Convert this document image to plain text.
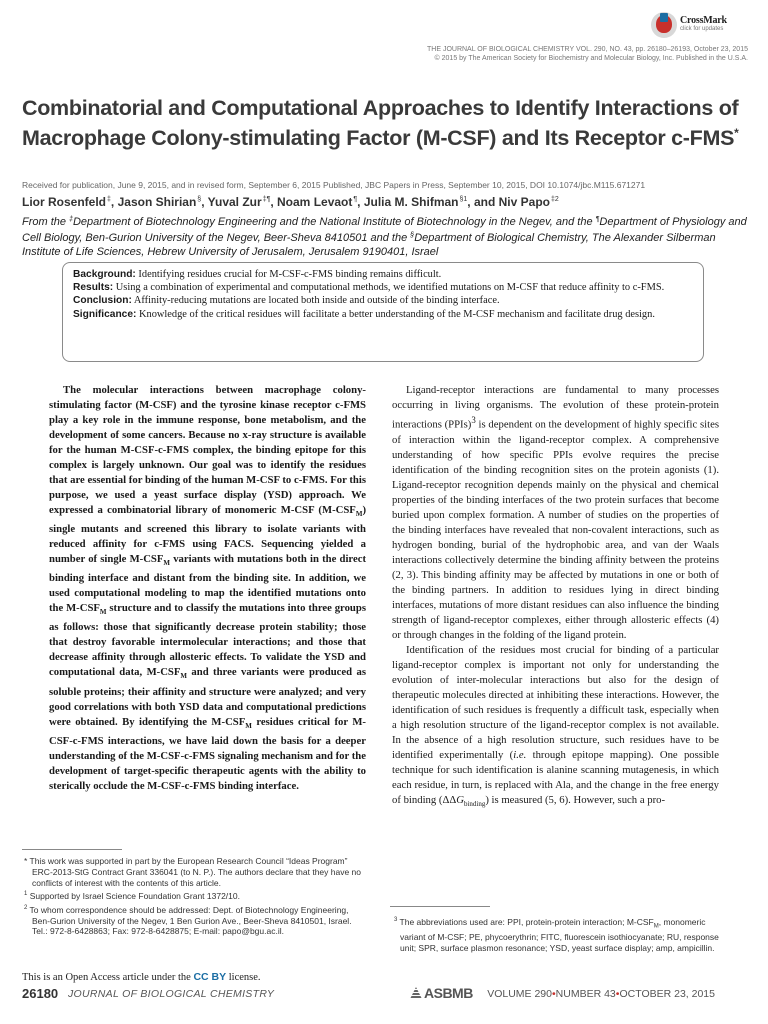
CrossMark
click for updates
THE JOURNAL OF BIOLOGICAL CHEMISTRY VOL. 290, NO. 43, pp. 26180–26193, October 23, 2015
© 2015 by The American Society for Biochemistry and Molecular Biology, Inc. Published in the U.S.A.
Combinatorial and Computational Approaches to Identify Interactions of Macrophage Colony-stimulating Factor (M-CSF) and Its Receptor c-FMS*
Received for publication, June 9, 2015, and in revised form, September 6, 2015 Published, JBC Papers in Press, September 10, 2015, DOI 10.1074/jbc.M115.671271
Lior Rosenfeld‡, Jason Shirian§, Yuval Zur‡¶, Noam Levaot¶, Julia M. Shifman$^{\S 1}$, and Niv Papo$^{\ddagger 2}$
From the ‡Department of Biotechnology Engineering and the National Institute of Biotechnology in the Negev, and the ¶Department of Physiology and Cell Biology, Ben-Gurion University of the Negev, Beer-Sheva 8410501 and the §Department of Biological Chemistry, The Alexander Silberman Institute of Life Sciences, Hebrew University of Jerusalem, Jerusalem 9190401, Israel

Background: Identifying residues crucial for M-CSF-c-FMS binding remains difficult.

Results: Using a combination of experimental and computational methods, we identified mutations on M-CSF that reduce affinity to c-FMS.

Conclusion: Affinity-reducing mutations are located both inside and outside of the binding interface.

Significance: Knowledge of the critical residues will facilitate a better understanding of the M-CSF mechanism and facilitate drug design.

The molecular interactions between macrophage colony-stimulating factor (M-CSF) and the tyrosine kinase receptor c-FMS play a key role in the immune response, bone metabolism, and the development of some cancers. Because no x-ray structure is available for the human M-CSF-c-FMS complex, the binding epitope for this complex is largely unknown. Our goal was to identify the residues that are essential for binding of the human M-CSF to c-FMS. For this purpose, we used a yeast surface display (YSD) approach. We expressed a combinatorial library of monomeric M-CSF $(M-CSF_M)$ single mutants and screened this library to isolate variants with reduced affinity for c-FMS using FACS. Sequencing yielded a number of single $M-CSF_M$ variants with mutations both in the direct binding interface and distant from the binding site. In addition, we used computational modeling to map the identified mutations onto the $M-CSF_M$ structure and to classify the mutations into three groups as follows: those that significantly decrease protein stability; those that destroy favorable intermolecular interactions; and those that decrease affinity through allosteric effects. To validate the YSD and computational data, $M-CSF_M$ and three variants were produced as soluble proteins; their affinity and structure were analyzed; and very good correlations with both YSD data and computational predictions were obtained. By identifying the $M-CSF_M$ residues critical for M-CSF-c-FMS interactions, we have laid down the basis for a deeper understanding of the M-CSF-c-FMS signaling mechanism and for the development of target-specific therapeutic agents with the ability to sterically occlude the M-CSF-c-FMS binding interface.

Ligand-receptor interactions are fundamental to many processes occurring in living organisms. The evolution of these protein-protein interactions (PPIs)$^3$ is dependent on the development of highly specific sites of interaction within the ligand-receptor complex. A comprehensive understanding of how specific PPIs evolve requires the precise identification of the binding recognition sites on the protein agonists (1). Ligand-receptor recognition depends mainly on the physical and chemical properties of the binding interfaces of the two protein surfaces that become buried upon complex formation. A number of studies on the properties of the binding interfaces have revealed that non-covalent interactions, such as hydrogen bonding, burial of the hydrophobic area, and van der Waals interactions collectively determine the binding affinity between the proteins (2, 3). This binding affinity may be affected by mutations in one or both of the binding partners. In addition to residues lying in direct binding interfaces, mutations of more distant residues can also influence the binding strength of ligand-receptor complexes, either through allosteric effects (4) or through changes in the folding of the ligand protein.

Identification of the residues most crucial for binding of a particular ligand-receptor complex is important not only for understanding the evolution of inter-molecular interactions but also for the design of therapeutic molecules directed at inhibiting these interactions. However, the identification of such residues is frequently a difficult task, especially when a high resolution structure of the ligand-receptor complex is not available. In the absence of a high resolution structure, such residues have to be identified experimentally (i.e. through epitope mapping). One possible technique for such identification is alanine scanning mutagenesis, in which each residue, in turn, is replaced with Ala, and the change in the free energy of binding $(\Delta\Delta G_{binding})$ is measured (5, 6). However, such a pro-

* This work was supported in part by the European Research Council “Ideas Program” ERC-2013-StG Contract Grant 336041 (to N. P.). The authors declare that they have no conflicts of interest with the contents of this article.

$^1$ Supported by Israel Science Foundation Grant 1372/10.

$^2$ To whom correspondence should be addressed: Dept. of Biotechnology Engineering, Ben-Gurion University of the Negev, 1 Ben Gurion Ave., Beer-Sheva 8410501, Israel. Tel.: 972-8-6428863; Fax: 972-8-6428875; E-mail: papo@bgu.ac.il.

$^3$ The abbreviations used are: PPI, protein-protein interaction; $M-CSF_M$, monomeric variant of M-CSF; PE, phycoerythrin; FITC, fluorescein isothiocyanate; RU, response unit; SPR, surface plasmon resonance; YSD, yeast surface display; amp, ampicillin.

This is an Open Access article under the CC BY license.
26180 JOURNAL OF BIOLOGICAL CHEMISTRY	ASBMB VOLUME 290•NUMBER 43•OCTOBER 23, 2015
